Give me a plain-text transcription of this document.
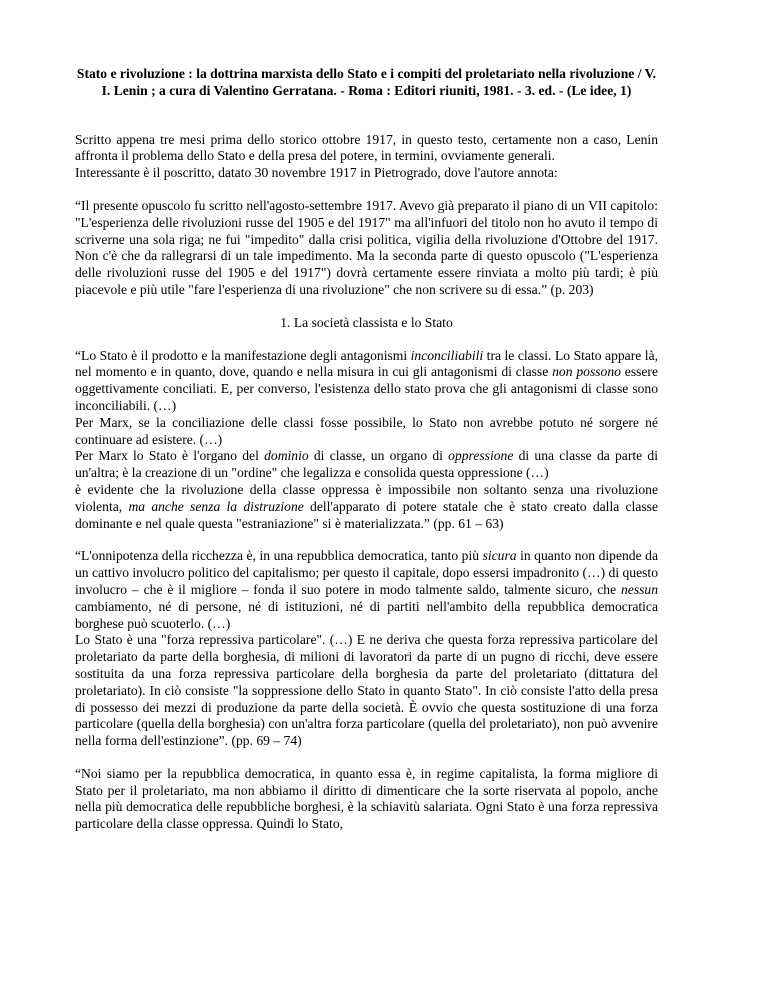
Stato e rivoluzione : la dottrina marxista dello Stato e i compiti del proletariato nella rivoluzione / V. I. Lenin ; a cura di Valentino Gerratana. - Roma : Editori riuniti, 1981. - 3. ed. - (Le idee, 1)

Scritto appena tre mesi prima dello storico ottobre 1917, in questo testo, certamente non a caso, Lenin affronta il problema dello Stato e della presa del potere, in termini, ovviamente generali.

Interessante è il poscritto, datato 30 novembre 1917 in Pietrogrado, dove l'autore annota:

“Il presente opuscolo fu scritto nell'agosto-settembre 1917. Avevo già preparato il piano di un VII capitolo: "L'esperienza delle rivoluzioni russe del 1905 e del 1917" ma all'infuori del titolo non ho avuto il tempo di scriverne una sola riga; ne fui "impedito" dalla crisi politica, vigilia della rivoluzione d'Ottobre del 1917. Non c'è che da rallegrarsi di un tale impedimento. Ma la seconda parte di questo opuscolo ("L'esperienza delle rivoluzioni russe del 1905 e del 1917") dovrà certamente essere rinviata a molto più tardi; è più piacevole e più utile "fare l'esperienza di una rivoluzione" che non scrivere su di essa.” (p. 203)

1. La società classista e lo Stato

“Lo Stato è il prodotto e la manifestazione degli antagonismi inconciliabili tra le classi. Lo Stato appare là, nel momento e in quanto, dove, quando e nella misura in cui gli antagonismi di classe non possono essere oggettivamente conciliati. E, per converso, l'esistenza dello stato prova che gli antagonismi di classe sono inconciliabili. (…)

Per Marx, se la conciliazione delle classi fosse possibile, lo Stato non avrebbe potuto né sorgere né continuare ad esistere. (…)

Per Marx lo Stato è l'organo del dominio di classe, un organo di oppressione di una classe da parte di un'altra; è la creazione di un "ordine" che legalizza e consolida questa oppressione (…)

è evidente che la rivoluzione della classe oppressa è impossibile non soltanto senza una rivoluzione violenta, ma anche senza la distruzione dell'apparato di potere statale che è stato creato dalla classe dominante e nel quale questa "estraniazione" si è materializzata.” (pp. 61 – 63)

“L'onnipotenza della ricchezza è, in una repubblica democratica, tanto più sicura in quanto non dipende da un cattivo involucro politico del capitalismo; per questo il capitale, dopo essersi impadronito (…) di questo involucro – che è il migliore – fonda il suo potere in modo talmente saldo, talmente sicuro, che nessun cambiamento, né di persone, né di istituzioni, né di partiti nell'ambito della repubblica democratica borghese può scuoterlo. (…)

Lo Stato è una "forza repressiva particolare". (…) E ne deriva che questa forza repressiva particolare del proletariato da parte della borghesia, di milioni di lavoratori da parte di un pugno di ricchi, deve essere sostituita da una forza repressiva particolare della borghesia da parte del proletariato (dittatura del proletariato). In ciò consiste "la soppressione dello Stato in quanto Stato". In ciò consiste l'atto della presa di possesso dei mezzi di produzione da parte della società. È ovvio che questa sostituzione di una forza particolare (quella della borghesia) con un'altra forza particolare (quella del proletariato), non può avvenire nella forma dell'estinzione”. (pp. 69 – 74)

“Noi siamo per la repubblica democratica, in quanto essa è, in regime capitalista, la forma migliore di Stato per il proletariato, ma non abbiamo il diritto di dimenticare che la sorte riservata al popolo, anche nella più democratica delle repubbliche borghesi, è la schiavitù salariata. Ogni Stato è una forza repressiva particolare della classe oppressa. Quindi lo Stato,
